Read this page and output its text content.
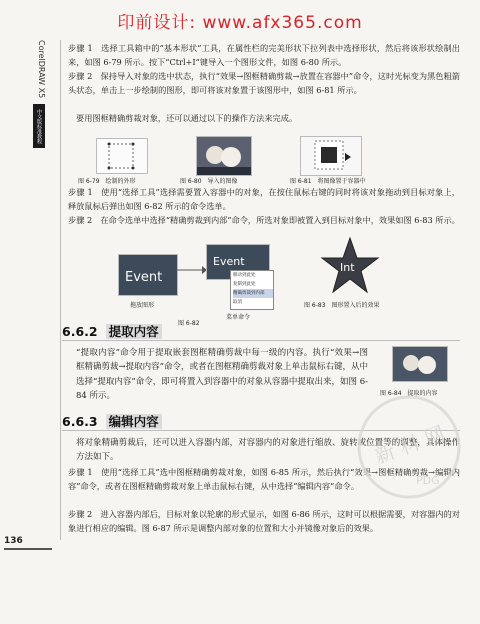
印前设计: www.afx365.com
CorelDRAW X5
中文版标准教程

步骤 1　选择工具箱中的“基本形状”工具，在属性栏的完美形状下拉列表中选择形状，然后将该形状绘制出来，如图 6-79 所示。按下“Ctrl+I”键导入一个图形文件，如图 6-80 所示。

步骤 2　保持导入对象的选中状态，执行“效果→图框精确剪裁→放置在容器中”命令，这时光标变为黑色粗箭头状态，单击上一步绘制的图形，即可将该对象置于该图形中，如图 6-81 所示。

要用图框精确剪裁对象，还可以通过以下的操作方法来完成。

图 6-79　绘制的外形	图 6-80　导入的图像	图 6-81　将图像置于容器中

步骤 1　使用“选择工具”选择需要置入容器中的对象，在按住鼠标右键的同时将该对象拖动到目标对象上，释放鼠标后弹出如图 6-82 所示的命令选单。

步骤 2　在命令选单中选择“精确剪裁到内部”命令，所选对象即被置入到目标对象中，效果如图 6-83 所示。

Event
Event
移动到此处
复制到此处
精确剪裁到内部
取消
拖放图形
菜单命令
图 6-82
Int
图 6-83　图形置入后的效果
6.6.2 提取内容

“提取内容”命令用于提取嵌套图框精确剪裁中每一级的内容。执行“效果→图框精确剪裁→提取内容”命令，或者在图框精确剪裁对象上单击鼠标右键，从中选择“提取内容”命令，即可将置入到容器中的对象从容器中提取出来，如图 6-84 所示。	图 6-84　提取的内容
6.6.3 编辑内容

将对象精确剪裁后，还可以进入容器内部，对容器内的对象进行缩放、旋转或位置等的调整，具体操作方法如下。

步骤 1　使用“选择工具”选中图框精确剪裁对象，如图 6-85 所示，然后执行“效果→图框精确剪裁→编辑内容”命令，或者在图框精确剪裁对象上单击鼠标右键，从中选择“编辑内容”命令。

步骤 2　进入容器内部后，目标对象以轮廓的形式显示，如图 6-86 所示，这时可以根据需要，对容器内的对象进行相应的编辑。图 6-87 所示是调整内部对象的位置和大小并镜像对象后的效果。

新 科 网
PDG
136
